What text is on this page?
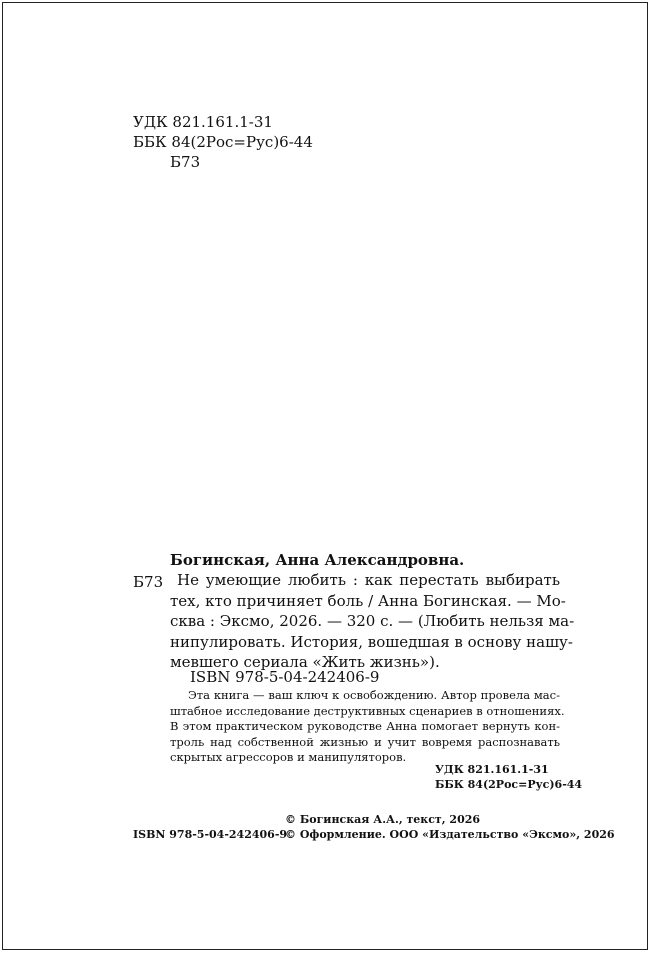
УДК 821.161.1-31
ББК 84(2Рос=Рус)6-44
Б73
Богинская, Анна Александровна.
Б73 Не умеющие любить : как перестать выбирать
тех, кто причиняет боль / Анна Богинская. — Мо-
сква : Эксмо, 2026. — 320 с. — (Любить нельзя ма-
нипулировать. История, вошедшая в основу нашу-
мевшего сериала «Жить жизнь»).
ISBN 978-5-04-242406-9
Эта книга — ваш ключ к освобождению. Автор провела мас-
штабное исследование деструктивных сценариев в отношениях.
В этом практическом руководстве Анна помогает вернуть кон-
троль над собственной жизнью и учит вовремя распознавать
скрытых агрессоров и манипуляторов.
УДК 821.161.1-31
ББК 84(2Рос=Рус)6-44
© Богинская А.А., текст, 2026
© Оформление. ООО «Издательство «Эксмо», 2026
ISBN 978-5-04-242406-9
